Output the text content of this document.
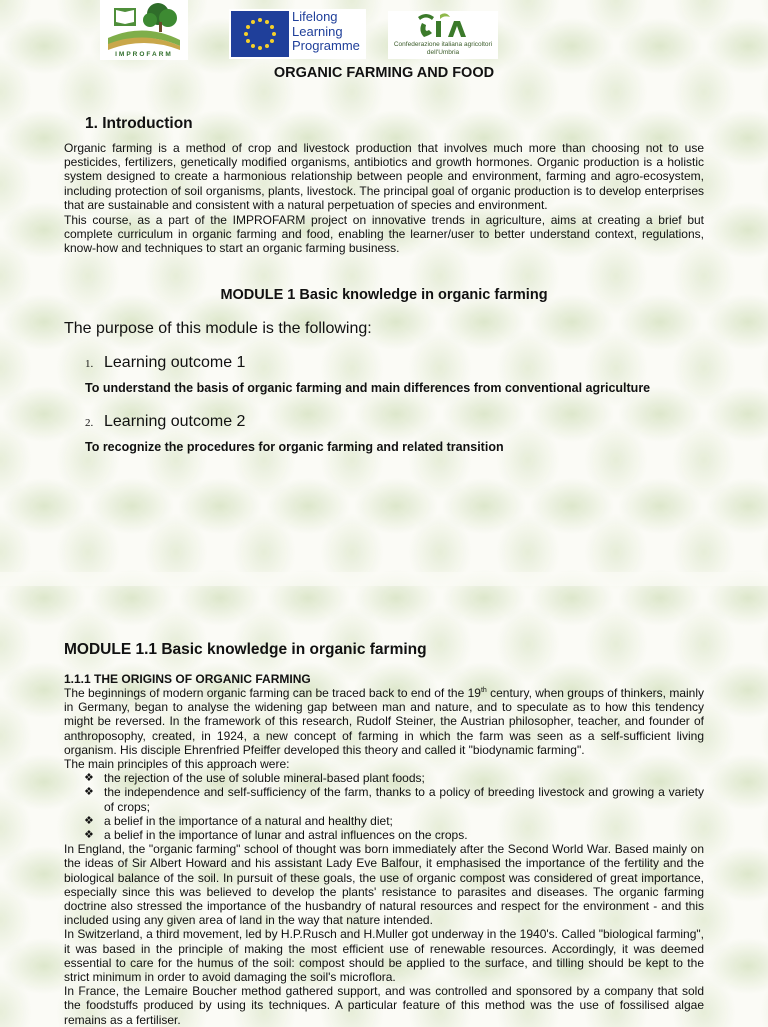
IMPROFARM
Lifelong
Learning
Programme	Confederazione italiana agricoltori dell'Umbria
ORGANIC FARMING AND FOOD
1. Introduction

Organic farming is a method of crop and livestock production that involves much more than choosing not to use pesticides, fertilizers, genetically modified organisms, antibiotics and growth hormones. Organic production is a holistic system designed to create a harmonious relationship between people and environment, farming and agro-ecosystem, including protection of soil organisms, plants, livestock. The principal goal of organic production is to develop enterprises that are sustainable and consistent with a natural perpetuation of species and environment.

This course, as a part of the IMPROFARM project on innovative trends in agriculture, aims at creating a brief but complete curriculum in organic farming and food, enabling the learner/user to better understand context, regulations, know-how and techniques to start an organic farming business.

MODULE 1 Basic knowledge in organic farming
The purpose of this module is the following:
1. Learning outcome 1
To understand the basis of organic farming and main differences from conventional agriculture
2. Learning outcome 2
To recognize the procedures for organic farming and related transition
MODULE 1.1 Basic knowledge in organic farming
1.1.1 THE ORIGINS OF ORGANIC FARMING

The beginnings of modern organic farming can be traced back to end of the 19th century, when groups of thinkers, mainly in Germany, began to analyse the widening gap between man and nature, and to speculate as to how this tendency might be reversed. In the framework of this research, Rudolf Steiner, the Austrian philosopher, teacher, and founder of anthroposophy, created, in 1924, a new concept of farming in which the farm was seen as a self-sufficient living organism. His disciple Ehrenfried Pfeiffer developed this theory and called it "biodynamic farming".

The main principles of this approach were:

❖ the rejection of the use of soluble mineral-based plant foods;
❖ the independence and self-sufficiency of the farm, thanks to a policy of breeding livestock and growing a variety of crops;
❖ a belief in the importance of a natural and healthy diet;
❖ a belief in the importance of lunar and astral influences on the crops.

In England, the "organic farming" school of thought was born immediately after the Second World War. Based mainly on the ideas of Sir Albert Howard and his assistant Lady Eve Balfour, it emphasised the importance of the fertility and the biological balance of the soil. In pursuit of these goals, the use of organic compost was considered of great importance, especially since this was believed to develop the plants' resistance to parasites and diseases. The organic farming doctrine also stressed the importance of the husbandry of natural resources and respect for the environment - and this included using any given area of land in the way that nature intended.

In Switzerland, a third movement, led by H.P.Rusch and H.Muller got underway in the 1940's. Called "biological farming", it was based in the principle of making the most efficient use of renewable resources. Accordingly, it was deemed essential to care for the humus of the soil: compost should be applied to the surface, and tilling should be kept to the strict minimum in order to avoid damaging the soil's microflora.

In France, the Lemaire Boucher method gathered support, and was controlled and sponsored by a company that sold the foodstuffs produced by using its techniques. A particular feature of this method was the use of fossilised algae remains as a fertiliser.
